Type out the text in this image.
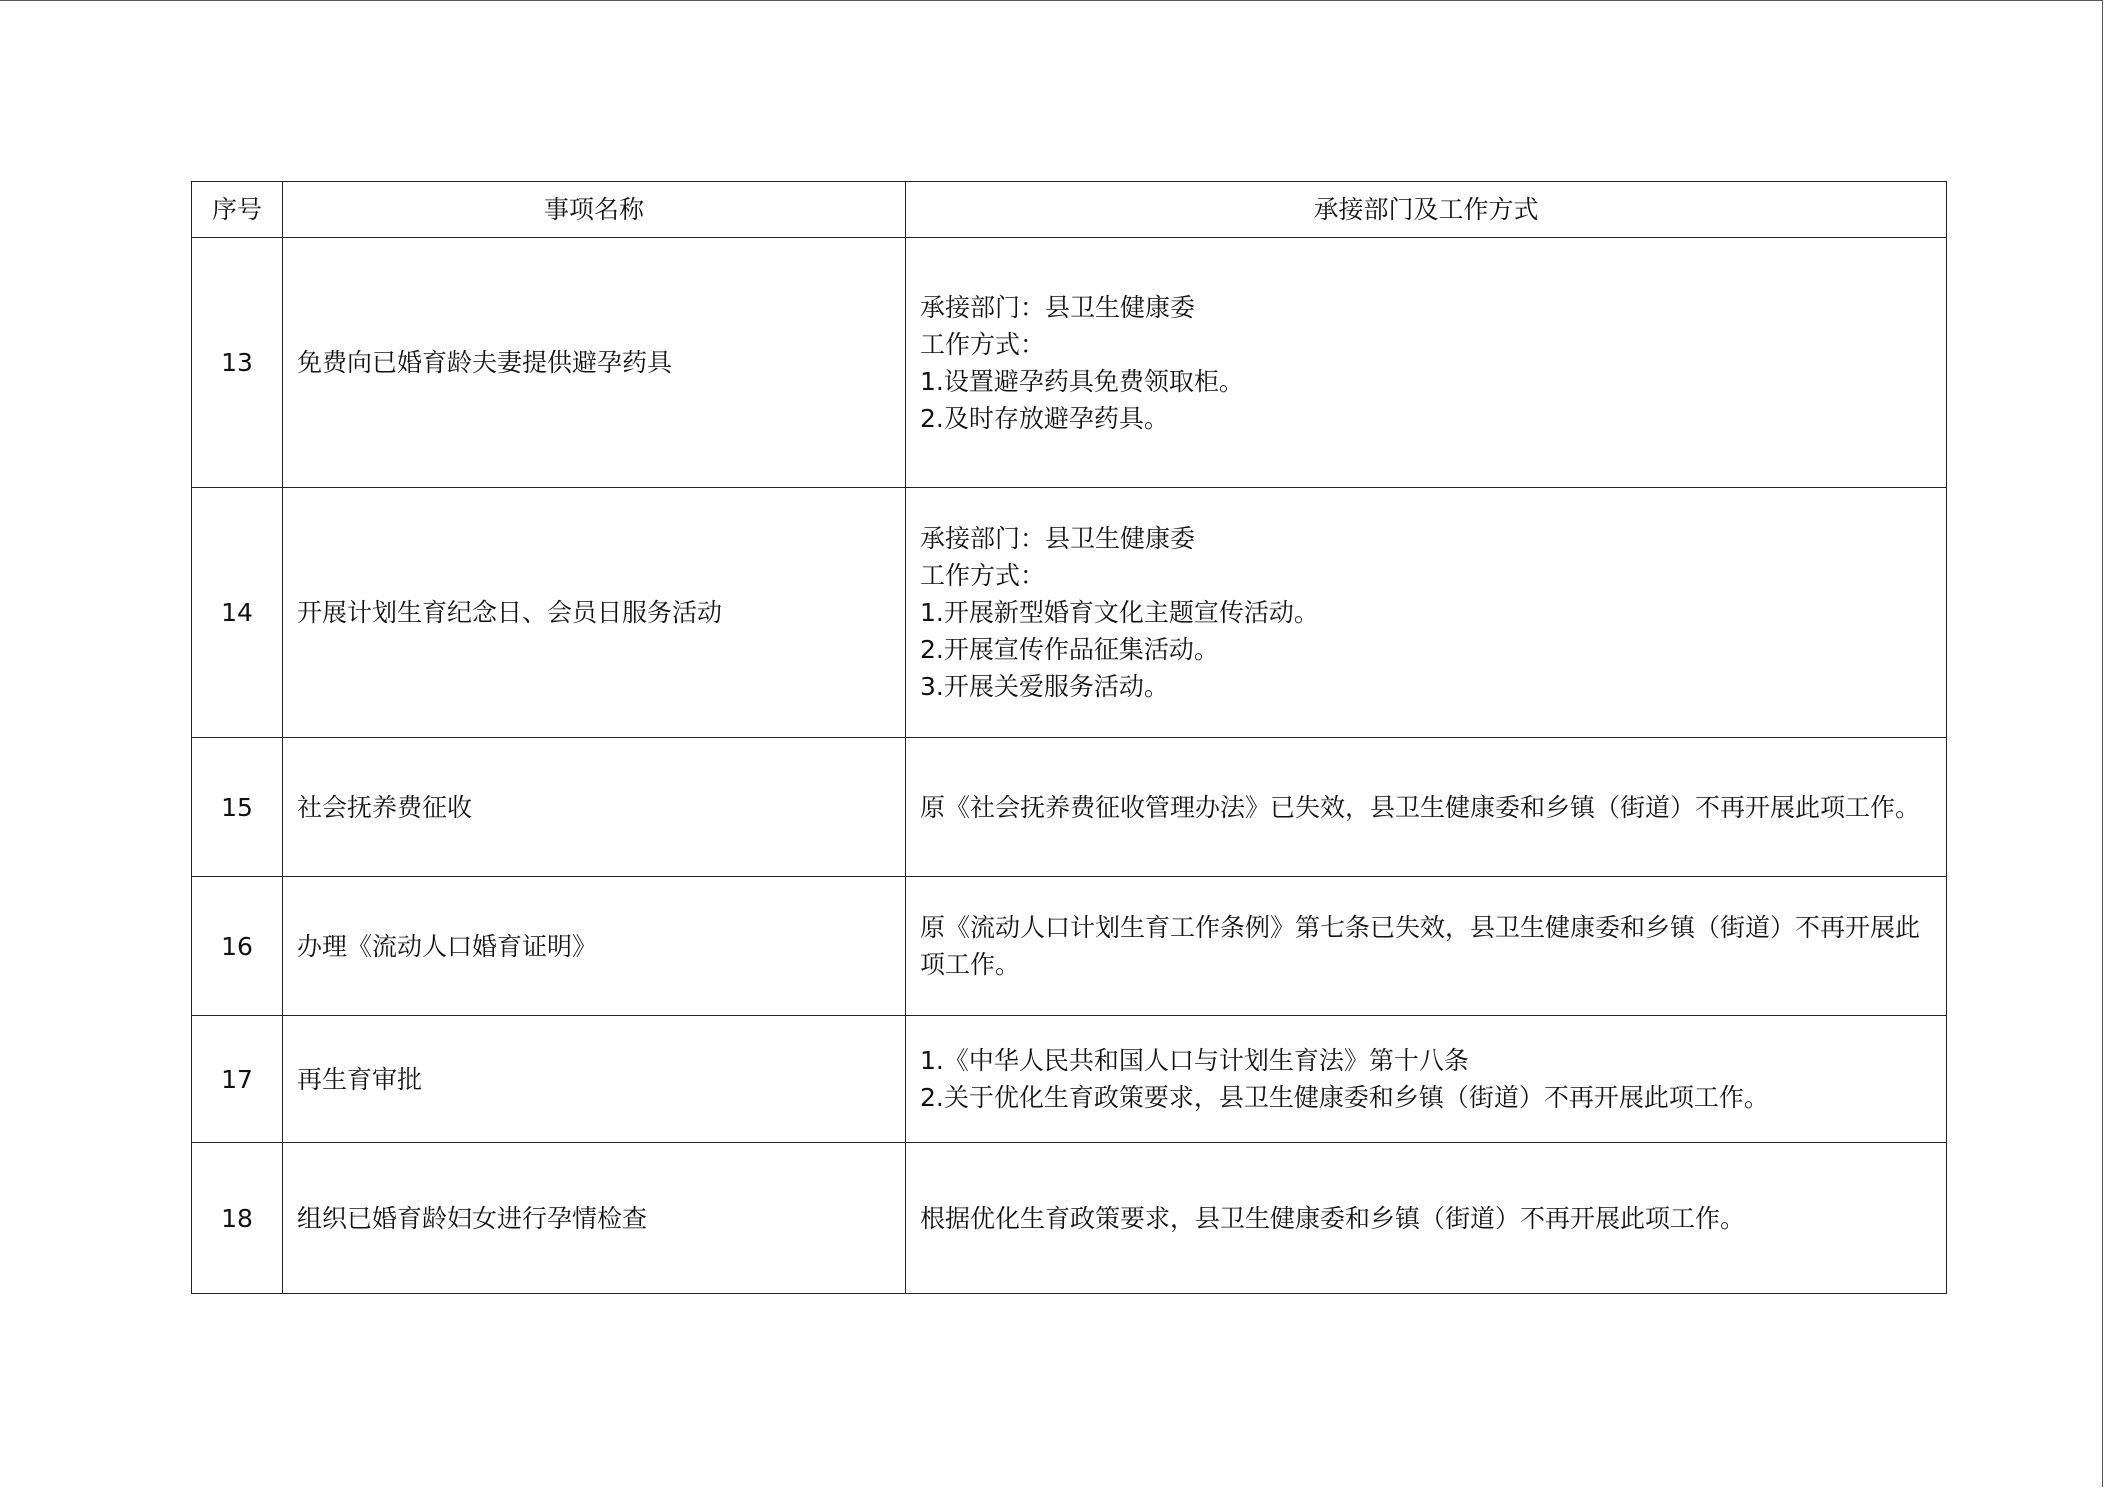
序号	事项名称	承接部门及工作方式
13	免费向已婚育龄夫妻提供避孕药具	承接部门：县卫生健康委
工作方式：
1.设置避孕药具免费领取柜。
2.及时存放避孕药具。

14	开展计划生育纪念日、会员日服务活动	承接部门：县卫生健康委
工作方式：
1.开展新型婚育文化主题宣传活动。
2.开展宣传作品征集活动。
3.开展关爱服务活动。

15	社会抚养费征收	原《社会抚养费征收管理办法》已失效，县卫生健康委和乡镇（街道）不再开展此项工作。

16	办理《流动人口婚育证明》	原《流动人口计划生育工作条例》第七条已失效，县卫生健康委和乡镇（街道）不再开展此项工作。

17	再生育审批	1.《中华人民共和国人口与计划生育法》第十八条
2.关于优化生育政策要求，县卫生健康委和乡镇（街道）不再开展此项工作。

18	组织已婚育龄妇女进行孕情检查	根据优化生育政策要求，县卫生健康委和乡镇（街道）不再开展此项工作。
